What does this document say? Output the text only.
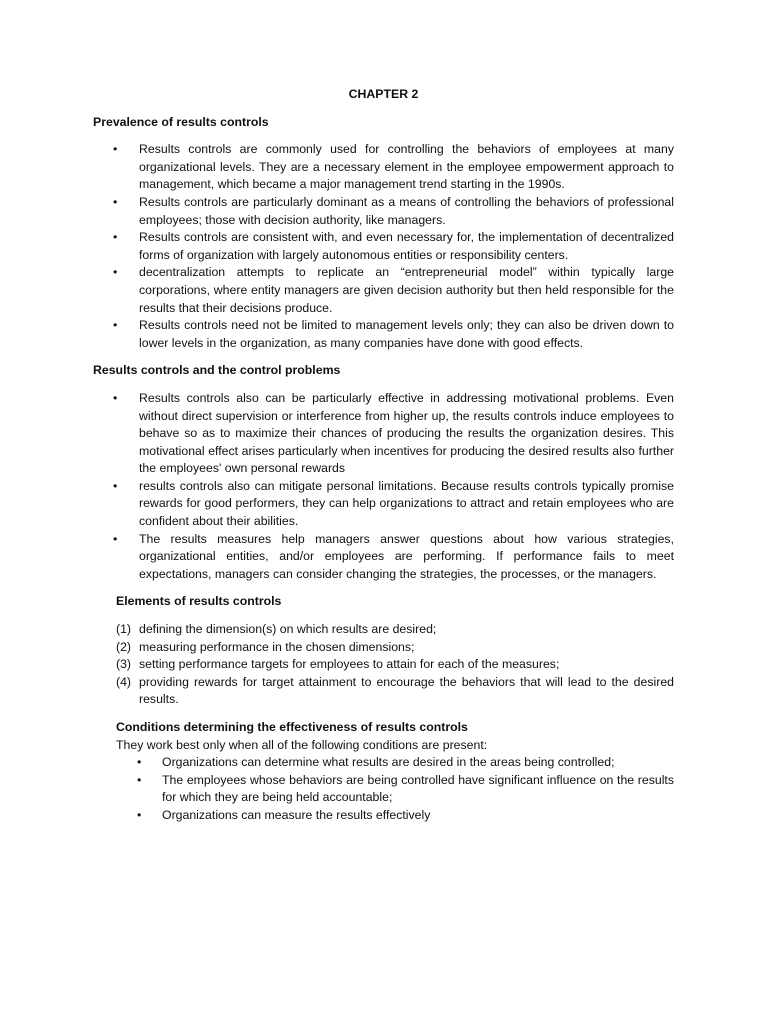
CHAPTER 2
Prevalence of results controls
• Results controls are commonly used for controlling the behaviors of employees at many organizational levels. They are a necessary element in the employee empowerment approach to management, which became a major management trend starting in the 1990s.
• Results controls are particularly dominant as a means of controlling the behaviors of professional employees; those with decision authority, like managers.
• Results controls are consistent with, and even necessary for, the implementation of decentralized forms of organization with largely autonomous entities or responsibility centers.
• decentralization attempts to replicate an “entrepreneurial model” within typically large corporations, where entity managers are given decision authority but then held responsible for the results that their decisions produce.
• Results controls need not be limited to management levels only; they can also be driven down to lower levels in the organization, as many companies have done with good effects.
Results controls and the control problems
• Results controls also can be particularly effective in addressing motivational problems. Even without direct supervision or interference from higher up, the results controls induce employees to behave so as to maximize their chances of producing the results the organization desires. This motivational effect arises particularly when incentives for producing the desired results also further the employees' own personal rewards
• results controls also can mitigate personal limitations. Because results controls typically promise rewards for good performers, they can help organizations to attract and retain employees who are confident about their abilities.
• The results measures help managers answer questions about how various strategies, organizational entities, and/or employees are performing. If performance fails to meet expectations, managers can consider changing the strategies, the processes, or the managers.
Elements of results controls
(1) defining the dimension(s) on which results are desired;
(2) measuring performance in the chosen dimensions;
(3) setting performance targets for employees to attain for each of the measures;
(4) providing rewards for target attainment to encourage the behaviors that will lead to the desired results.
Conditions determining the effectiveness of results controls
They work best only when all of the following conditions are present:
• Organizations can determine what results are desired in the areas being controlled;
• The employees whose behaviors are being controlled have significant influence on the results for which they are being held accountable;
• Organizations can measure the results effectively
